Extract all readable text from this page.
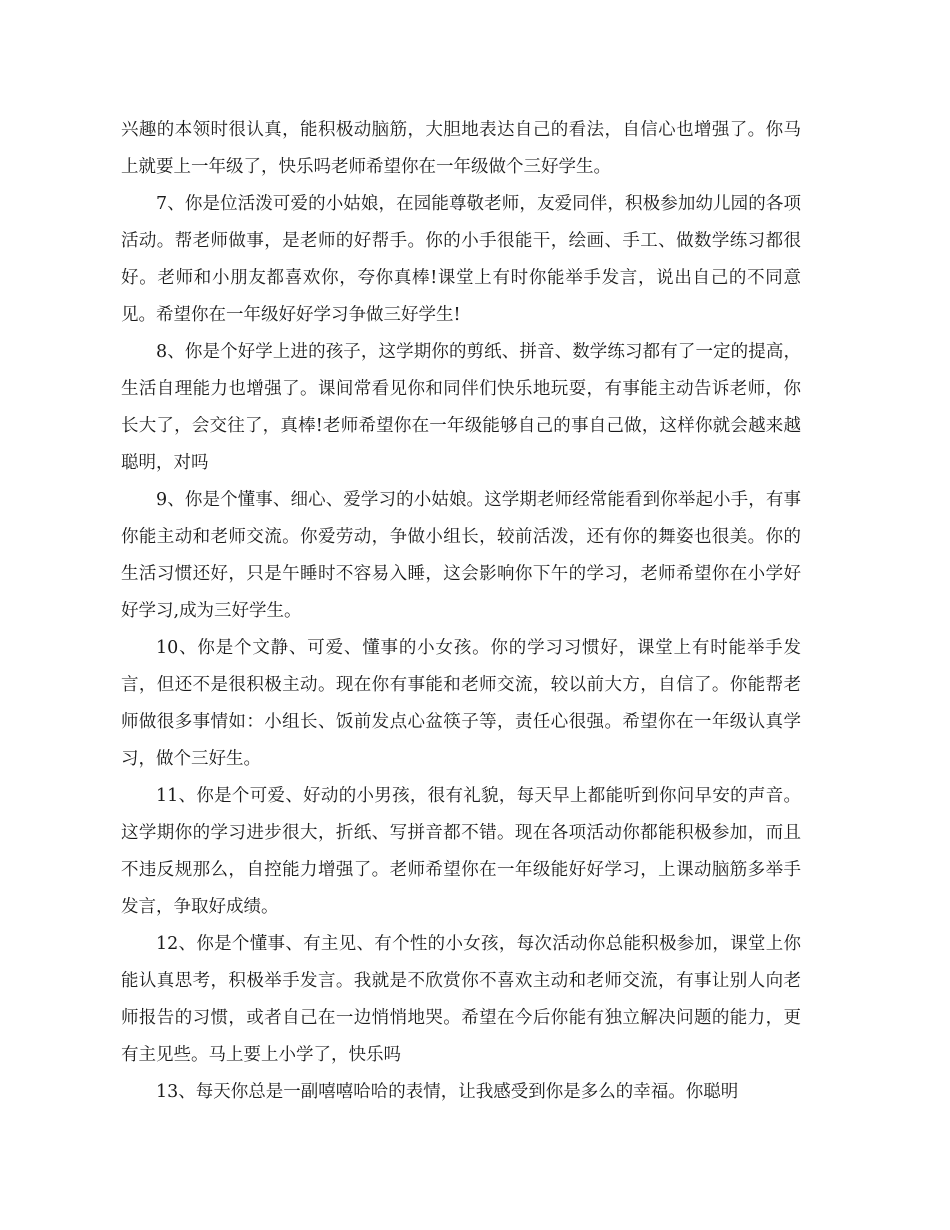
兴趣的本领时很认真，能积极动脑筋，大胆地表达自己的看法，自信心也增强了。你马上就要上一年级了，快乐吗老师希望你在一年级做个三好学生。

7、你是位活泼可爱的小姑娘，在园能尊敬老师，友爱同伴，积极参加幼儿园的各项活动。帮老师做事，是老师的好帮手。你的小手很能干，绘画、手工、做数学练习都很好。老师和小朋友都喜欢你，夸你真棒!课堂上有时你能举手发言，说出自己的不同意见。希望你在一年级好好学习争做三好学生!

8、你是个好学上进的孩子，这学期你的剪纸、拼音、数学练习都有了一定的提高，生活自理能力也增强了。课间常看见你和同伴们快乐地玩耍，有事能主动告诉老师，你长大了，会交往了，真棒!老师希望你在一年级能够自己的事自己做，这样你就会越来越聪明，对吗

9、你是个懂事、细心、爱学习的小姑娘。这学期老师经常能看到你举起小手，有事你能主动和老师交流。你爱劳动，争做小组长，较前活泼，还有你的舞姿也很美。你的生活习惯还好，只是午睡时不容易入睡，这会影响你下午的学习，老师希望你在小学好好学习,成为三好学生。

10、你是个文静、可爱、懂事的小女孩。你的学习习惯好，课堂上有时能举手发言，但还不是很积极主动。现在你有事能和老师交流，较以前大方，自信了。你能帮老师做很多事情如：小组长、饭前发点心盆筷子等，责任心很强。希望你在一年级认真学习，做个三好生。

11、你是个可爱、好动的小男孩，很有礼貌，每天早上都能听到你问早安的声音。这学期你的学习进步很大，折纸、写拼音都不错。现在各项活动你都能积极参加，而且不违反规那么，自控能力增强了。老师希望你在一年级能好好学习，上课动脑筋多举手发言，争取好成绩。

12、你是个懂事、有主见、有个性的小女孩，每次活动你总能积极参加，课堂上你能认真思考，积极举手发言。我就是不欣赏你不喜欢主动和老师交流，有事让别人向老师报告的习惯，或者自己在一边悄悄地哭。希望在今后你能有独立解决问题的能力，更有主见些。马上要上小学了，快乐吗

13、每天你总是一副嘻嘻哈哈的表情，让我感受到你是多么的幸福。你聪明
